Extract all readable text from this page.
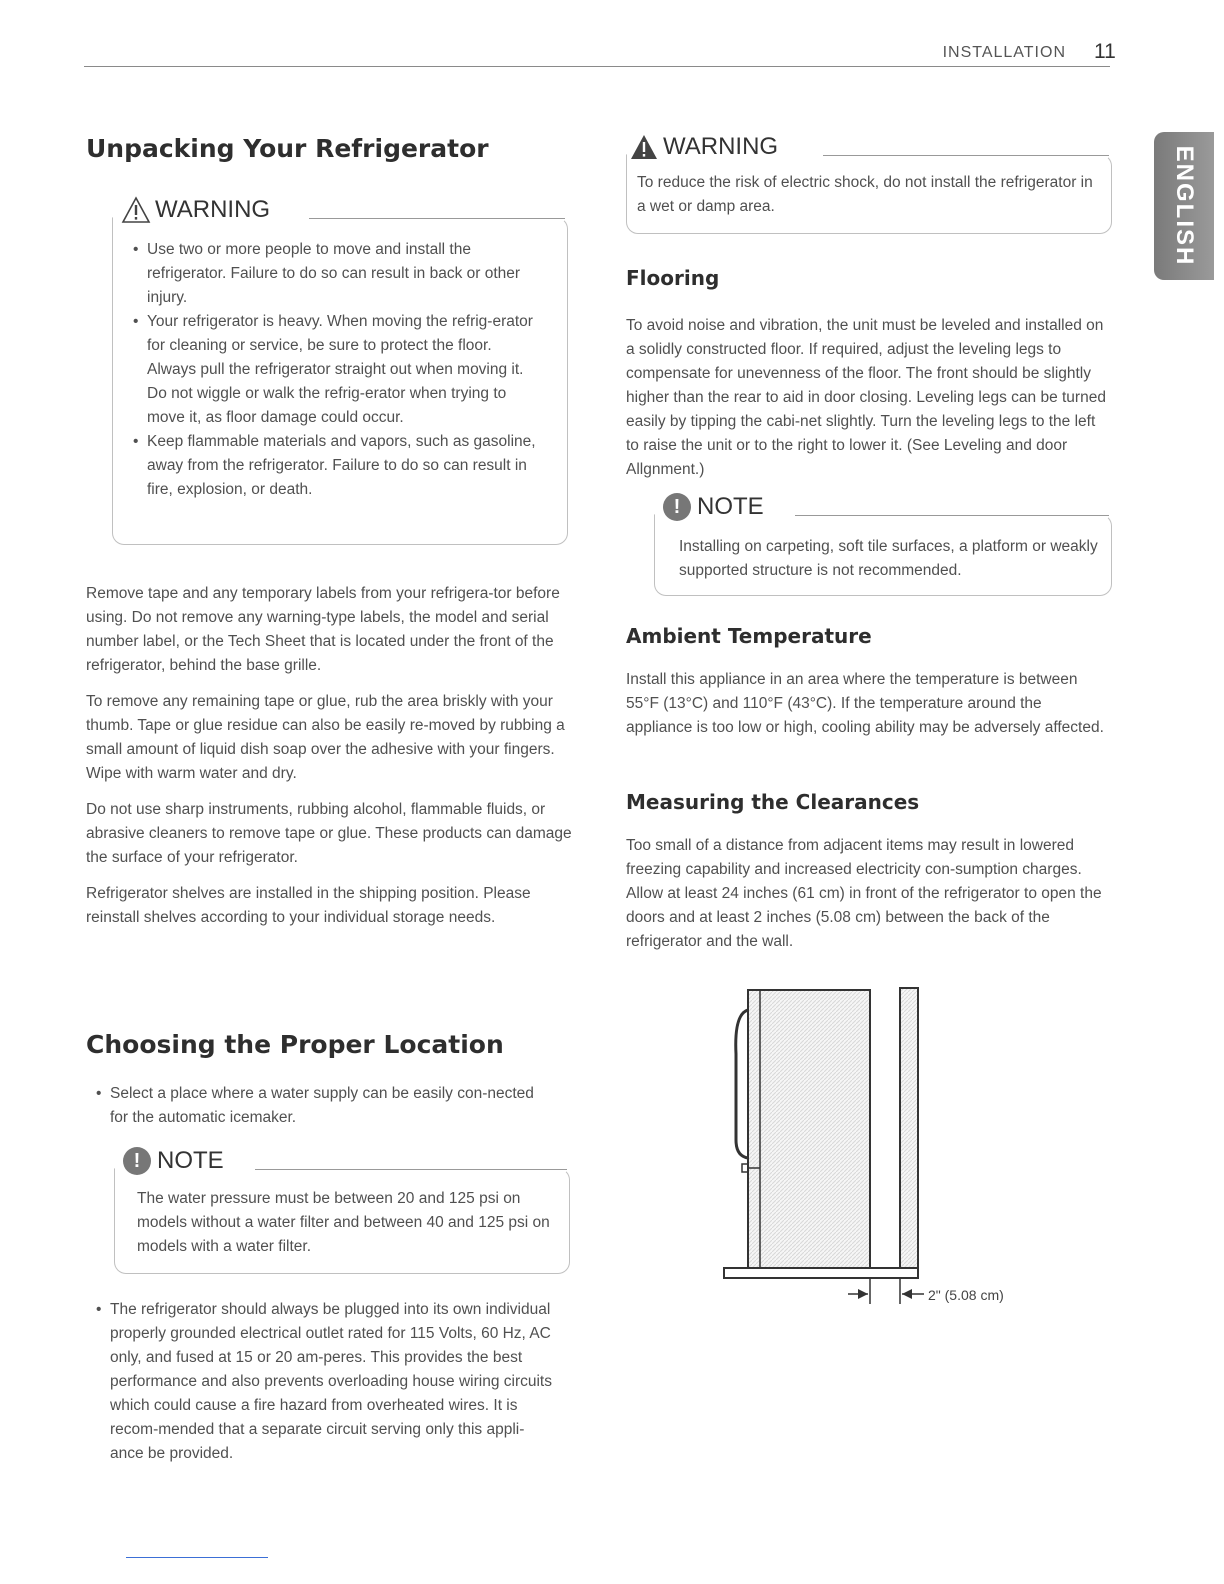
INSTALLATION 11
ENGLISH
Unpacking Your Refrigerator
WARNING
• Use two or more people to move and install the refrigerator. Failure to do so can result in back or other injury.
• Your refrigerator is heavy. When moving the refrig-erator for cleaning or service, be sure to protect the floor. Always pull the refrigerator straight out when moving it. Do not wiggle or walk the refrig-erator when trying to move it, as floor damage could occur.
• Keep flammable materials and vapors, such as gasoline, away from the refrigerator. Failure to do so can result in fire, explosion, or death.

Remove tape and any temporary labels from your refrigera-tor before using. Do not remove any warning-type labels, the model and serial number label, or the Tech Sheet that is located under the front of the refrigerator, behind the base grille.

To remove any remaining tape or glue, rub the area briskly with your thumb. Tape or glue residue can also be easily re-moved by rubbing a small amount of liquid dish soap over the adhesive with your fingers. Wipe with warm water and dry.

Do not use sharp instruments, rubbing alcohol, flammable fluids, or abrasive cleaners to remove tape or glue. These products can damage the surface of your refrigerator.

Refrigerator shelves are installed in the shipping position. Please reinstall shelves according to your individual storage needs.

Choosing the Proper Location
• Select a place where a water supply can be easily con-nected for the automatic icemaker.
! NOTE
The water pressure must be between 20 and 125 psi on models without a water filter and between 40 and 125 psi on models with a water filter.
• The refrigerator should always be plugged into its own individual properly grounded electrical outlet rated for 115 Volts, 60 Hz, AC only, and fused at 15 or 20 am-peres. This provides the best performance and also prevents overloading house wiring circuits which could cause a fire hazard from overheated wires. It is recom-mended that a separate circuit serving only this appli-ance be provided.
WARNING
To reduce the risk of electric shock, do not install the refrigerator in a wet or damp area.
Flooring
To avoid noise and vibration, the unit must be leveled and installed on a solidly constructed floor. If required, adjust the leveling legs to compensate for unevenness of the floor. The front should be slightly higher than the rear to aid in door closing. Leveling legs can be turned easily by tipping the cabi-net slightly. Turn the leveling legs to the left to raise the unit or to the right to lower it. (See Leveling and door Allgnment.)
! NOTE
Installing on carpeting, soft tile surfaces, a platform or weakly supported structure is not recommended.
Ambient Temperature
Install this appliance in an area where the temperature is between 55°F (13°C) and 110°F (43°C). If the temperature around the appliance is too low or high, cooling ability may be adversely affected.
Measuring the Clearances
Too small of a distance from adjacent items may result in lowered freezing capability and increased electricity con-sumption charges. Allow at least 24 inches (61 cm) in front of the refrigerator to open the doors and at least 2 inches (5.08 cm) between the back of the refrigerator and the wall.
2" (5.08 cm)
